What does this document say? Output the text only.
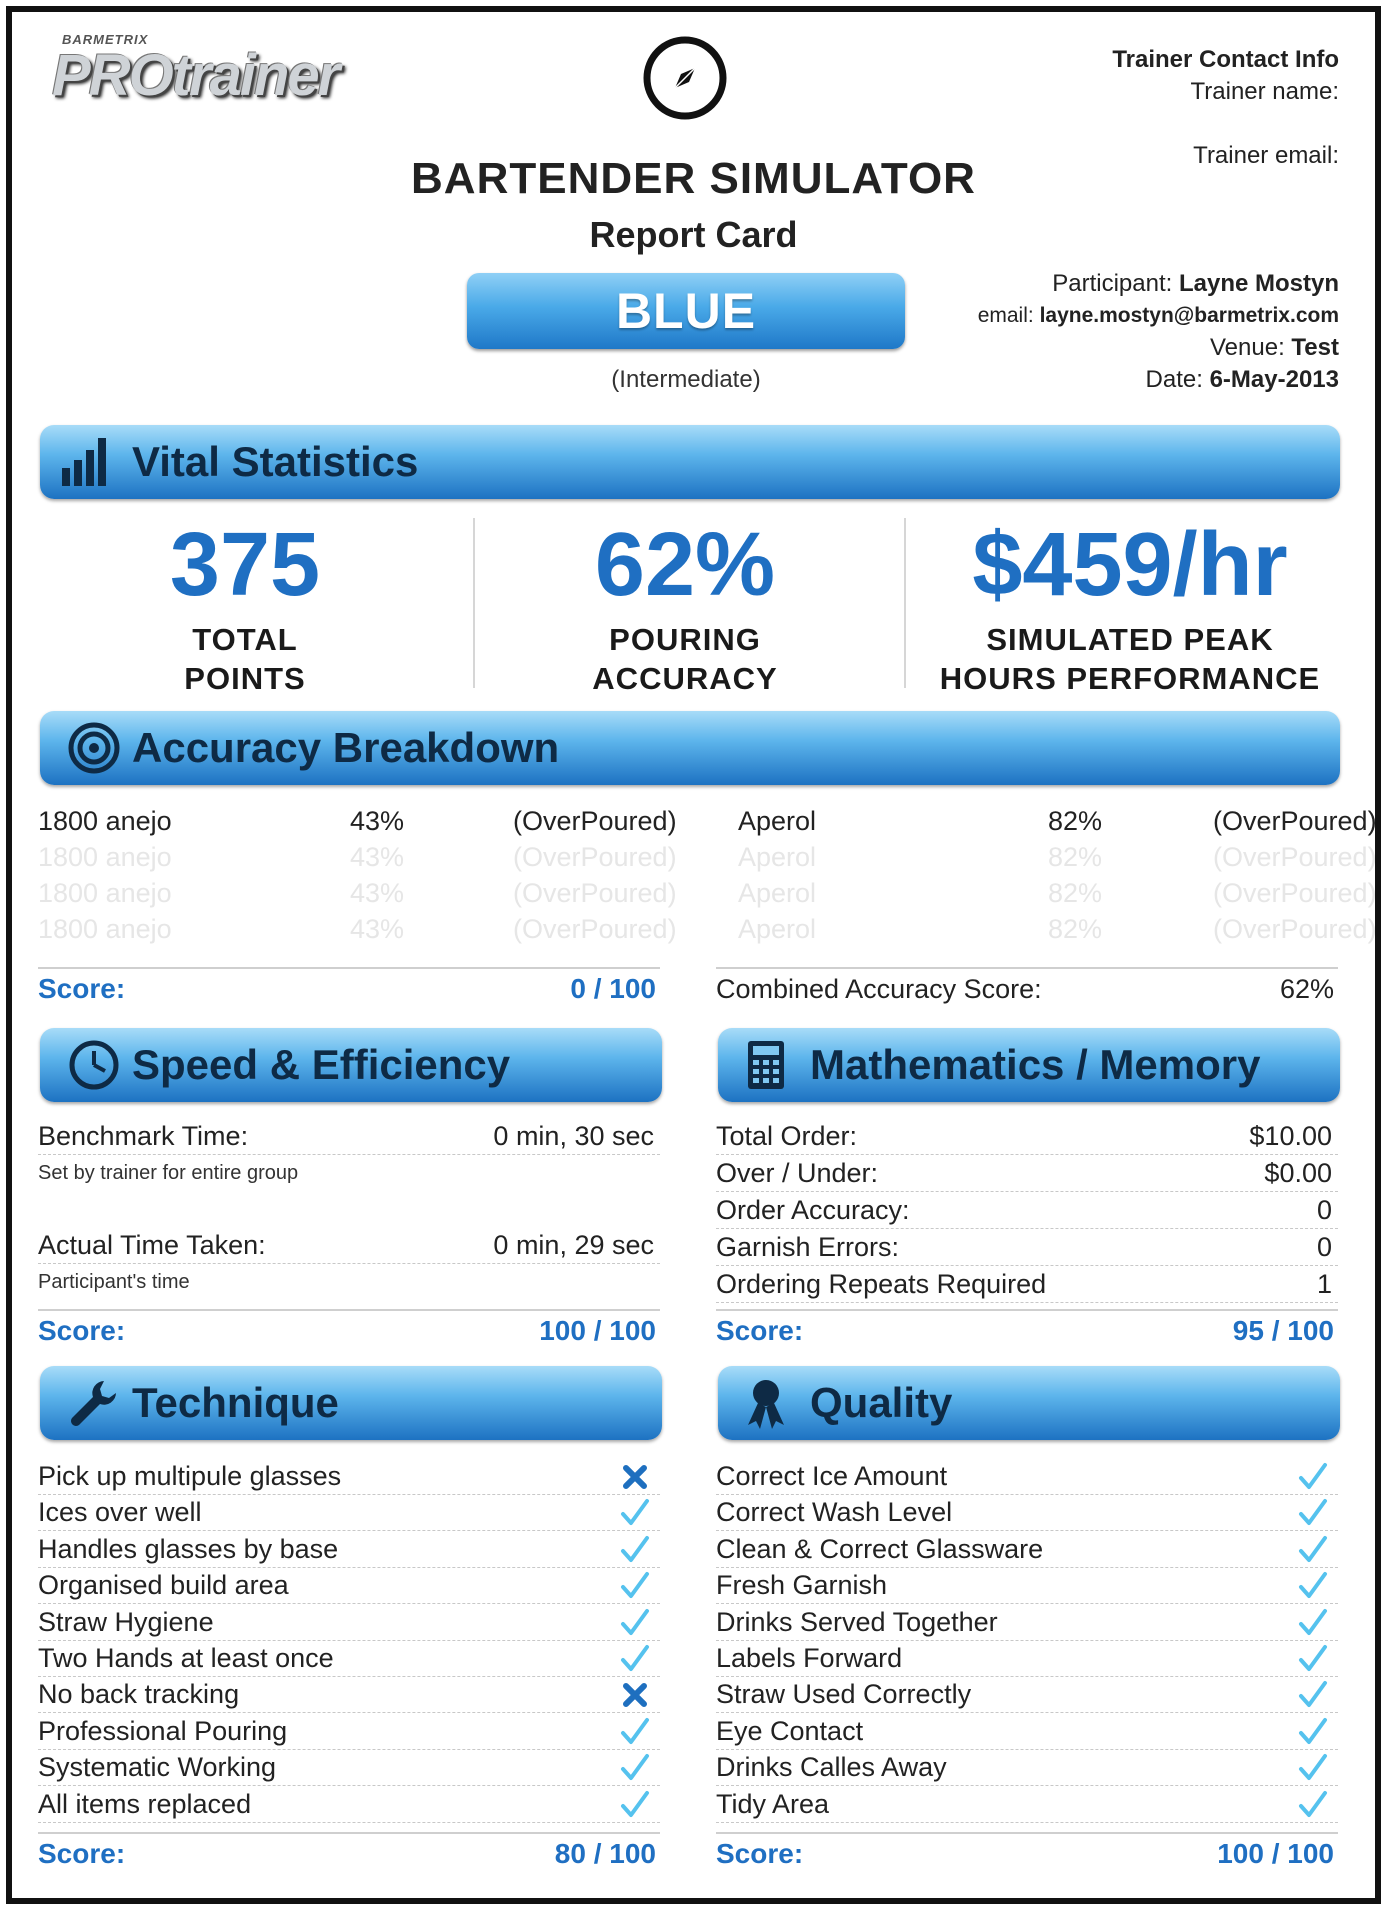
BARMETRIX
PROtrainer
BARTENDER SIMULATOR
Report Card
BLUE
(Intermediate)
Trainer Contact Info
Trainer name:
Trainer email:
Participant: Layne Mostyn
email: layne.mostyn@barmetrix.com
Venue: Test
Date: 6-May-2013
Vital Statistics
375
TOTAL
POINTS
62%
POURING
ACCURACY
$459/hr
SIMULATED PEAK
HOURS PERFORMANCE
Accuracy Breakdown
1800 anejo	43%	(OverPoured) Aperol	82%	(OverPoured)
1800 anejo	43%	(OverPoured) Aperol	82%	(OverPoured)
1800 anejo	43%	(OverPoured) Aperol	82%	(OverPoured)
1800 anejo	43%	(OverPoured) Aperol	82%	(OverPoured)
Score:	0 / 100 Combined Accuracy Score:	62%
Speed & Efficiency
Benchmark Time:	0 min, 30 sec
Set by trainer for entire group
Actual Time Taken:	0 min, 29 sec
Participant's time
Score:	100 / 100
Mathematics / Memory
Total Order:	$10.00
Over / Under:	$0.00
Order Accuracy:	0
Garnish Errors:	0
Ordering Repeats Required	1
Score:	95 / 100
Technique
Pick up multipule glasses
Ices over well
Handles glasses by base
Organised build area
Straw Hygiene
Two Hands at least once
No back tracking
Professional Pouring
Systematic Working
All items replaced
Score:	80 / 100
Quality
Correct Ice Amount
Correct Wash Level
Clean & Correct Glassware
Fresh Garnish
Drinks Served Together
Labels Forward
Straw Used Correctly
Eye Contact
Drinks Calles Away
Tidy Area
Score:	100 / 100
